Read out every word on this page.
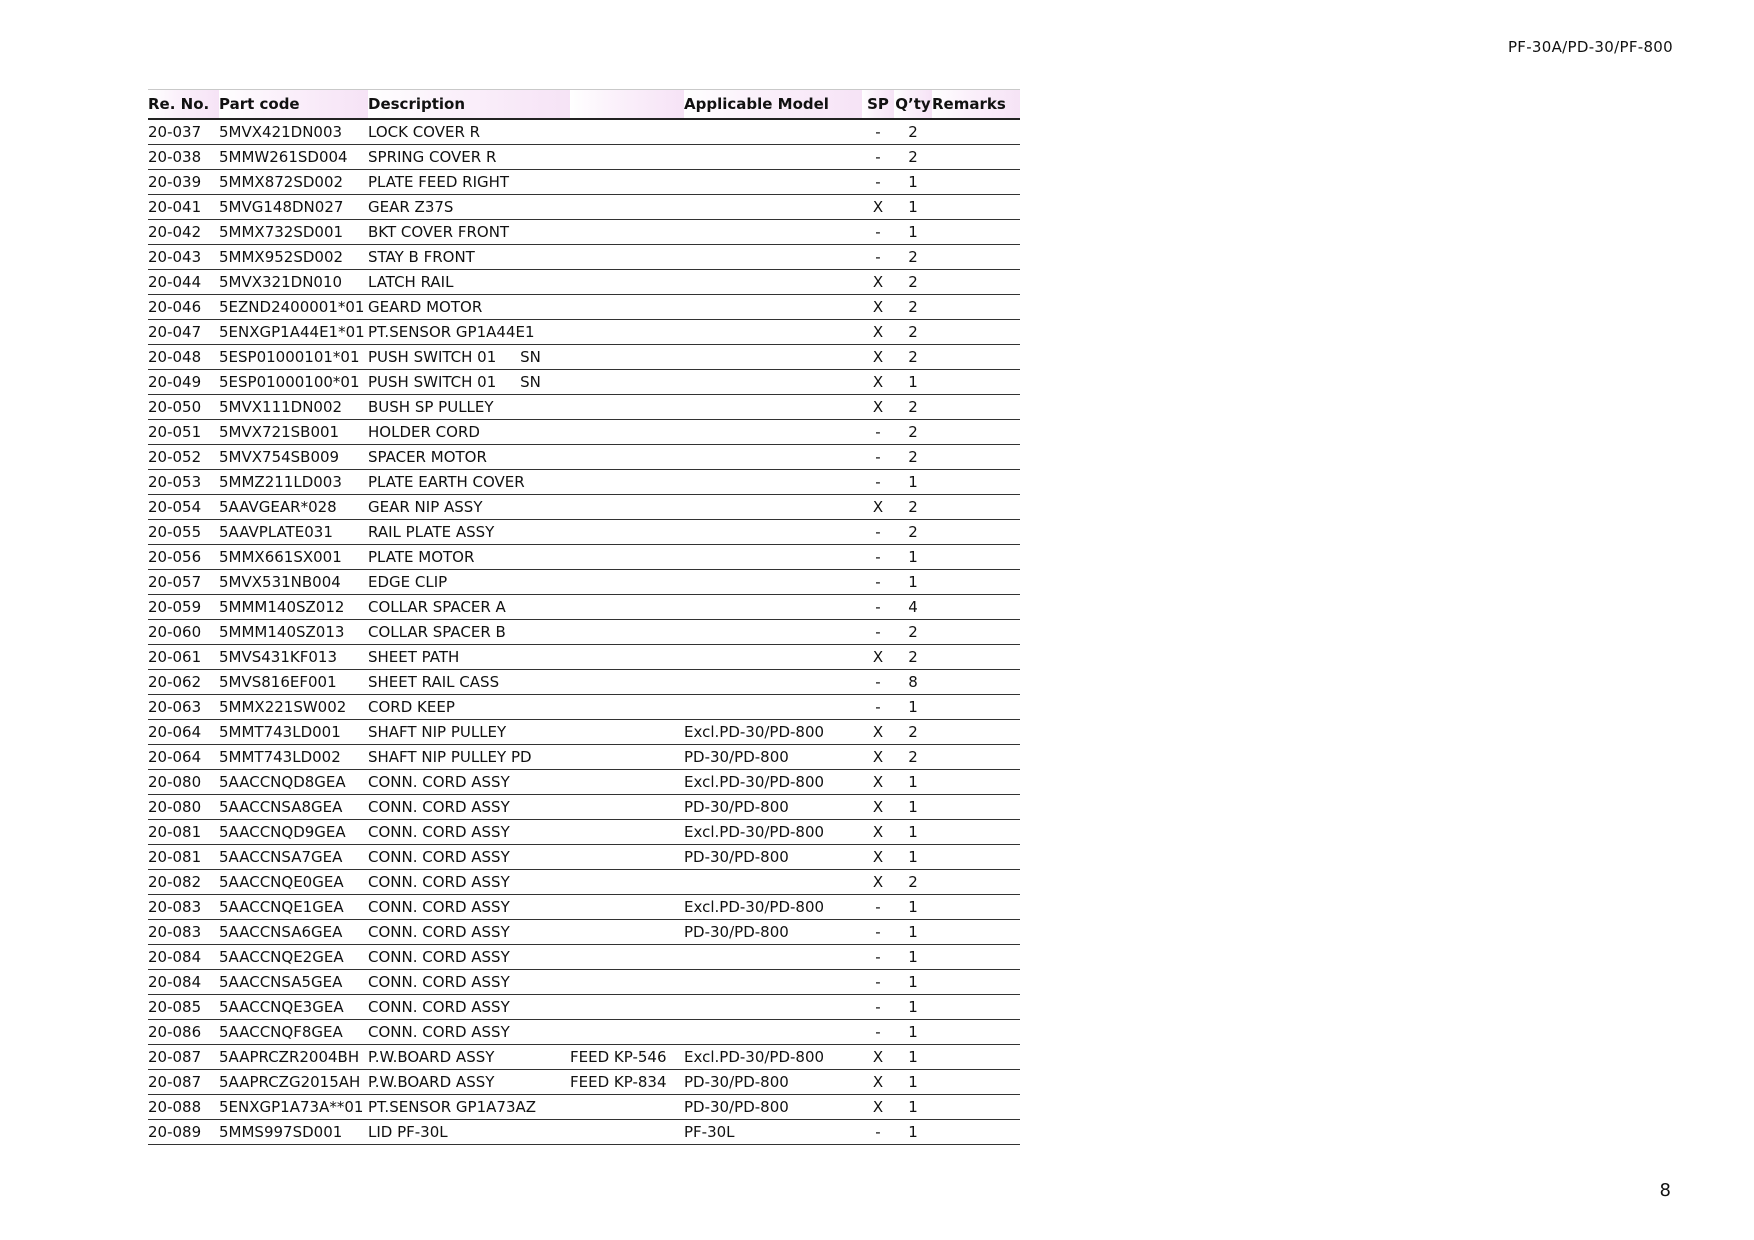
PF-30A/PD-30/PF-800
Re. No.	Part code	Description		Applicable Model	SP	Q’ty	Remarks
20-037	5MVX421DN003	LOCK COVER R			-	2	
20-038	5MMW261SD004	SPRING COVER R			-	2	
20-039	5MMX872SD002	PLATE FEED RIGHT			-	1	
20-041	5MVG148DN027	GEAR Z37S			X	1	
20-042	5MMX732SD001	BKT COVER FRONT			-	1	
20-043	5MMX952SD002	STAY B FRONT			-	2	
20-044	5MVX321DN010	LATCH RAIL			X	2	
20-046	5EZND2400001*01	GEARD MOTOR			X	2	
20-047	5ENXGP1A44E1*01	PT.SENSOR GP1A44E1			X	2	
20-048	5ESP01000101*01	PUSH SWITCH 01     SN			X	2	
20-049	5ESP01000100*01	PUSH SWITCH 01     SN			X	1	
20-050	5MVX111DN002	BUSH SP PULLEY			X	2	
20-051	5MVX721SB001	HOLDER CORD			-	2	
20-052	5MVX754SB009	SPACER MOTOR			-	2	
20-053	5MMZ211LD003	PLATE EARTH COVER			-	1	
20-054	5AAVGEAR*028	GEAR NIP ASSY			X	2	
20-055	5AAVPLATE031	RAIL PLATE ASSY			-	2	
20-056	5MMX661SX001	PLATE MOTOR			-	1	
20-057	5MVX531NB004	EDGE CLIP			-	1	
20-059	5MMM140SZ012	COLLAR SPACER A			-	4	
20-060	5MMM140SZ013	COLLAR SPACER B			-	2	
20-061	5MVS431KF013	SHEET PATH			X	2	
20-062	5MVS816EF001	SHEET RAIL CASS			-	8	
20-063	5MMX221SW002	CORD KEEP			-	1	
20-064	5MMT743LD001	SHAFT NIP PULLEY		Excl.PD-30/PD-800	X	2	
20-064	5MMT743LD002	SHAFT NIP PULLEY PD		PD-30/PD-800	X	2	
20-080	5AACCNQD8GEA	CONN. CORD ASSY		Excl.PD-30/PD-800	X	1	
20-080	5AACCNSA8GEA	CONN. CORD ASSY		PD-30/PD-800	X	1	
20-081	5AACCNQD9GEA	CONN. CORD ASSY		Excl.PD-30/PD-800	X	1	
20-081	5AACCNSA7GEA	CONN. CORD ASSY		PD-30/PD-800	X	1	
20-082	5AACCNQE0GEA	CONN. CORD ASSY			X	2	
20-083	5AACCNQE1GEA	CONN. CORD ASSY		Excl.PD-30/PD-800	-	1	
20-083	5AACCNSA6GEA	CONN. CORD ASSY		PD-30/PD-800	-	1	
20-084	5AACCNQE2GEA	CONN. CORD ASSY			-	1	
20-084	5AACCNSA5GEA	CONN. CORD ASSY			-	1	
20-085	5AACCNQE3GEA	CONN. CORD ASSY			-	1	
20-086	5AACCNQF8GEA	CONN. CORD ASSY			-	1	
20-087	5AAPRCZR2004BH	P.W.BOARD ASSY	FEED KP-546	Excl.PD-30/PD-800	X	1	
20-087	5AAPRCZG2015AH	P.W.BOARD ASSY	FEED KP-834	PD-30/PD-800	X	1	
20-088	5ENXGP1A73A**01	PT.SENSOR GP1A73AZ		PD-30/PD-800	X	1	
20-089	5MMS997SD001	LID PF-30L		PF-30L	-	1	
8
